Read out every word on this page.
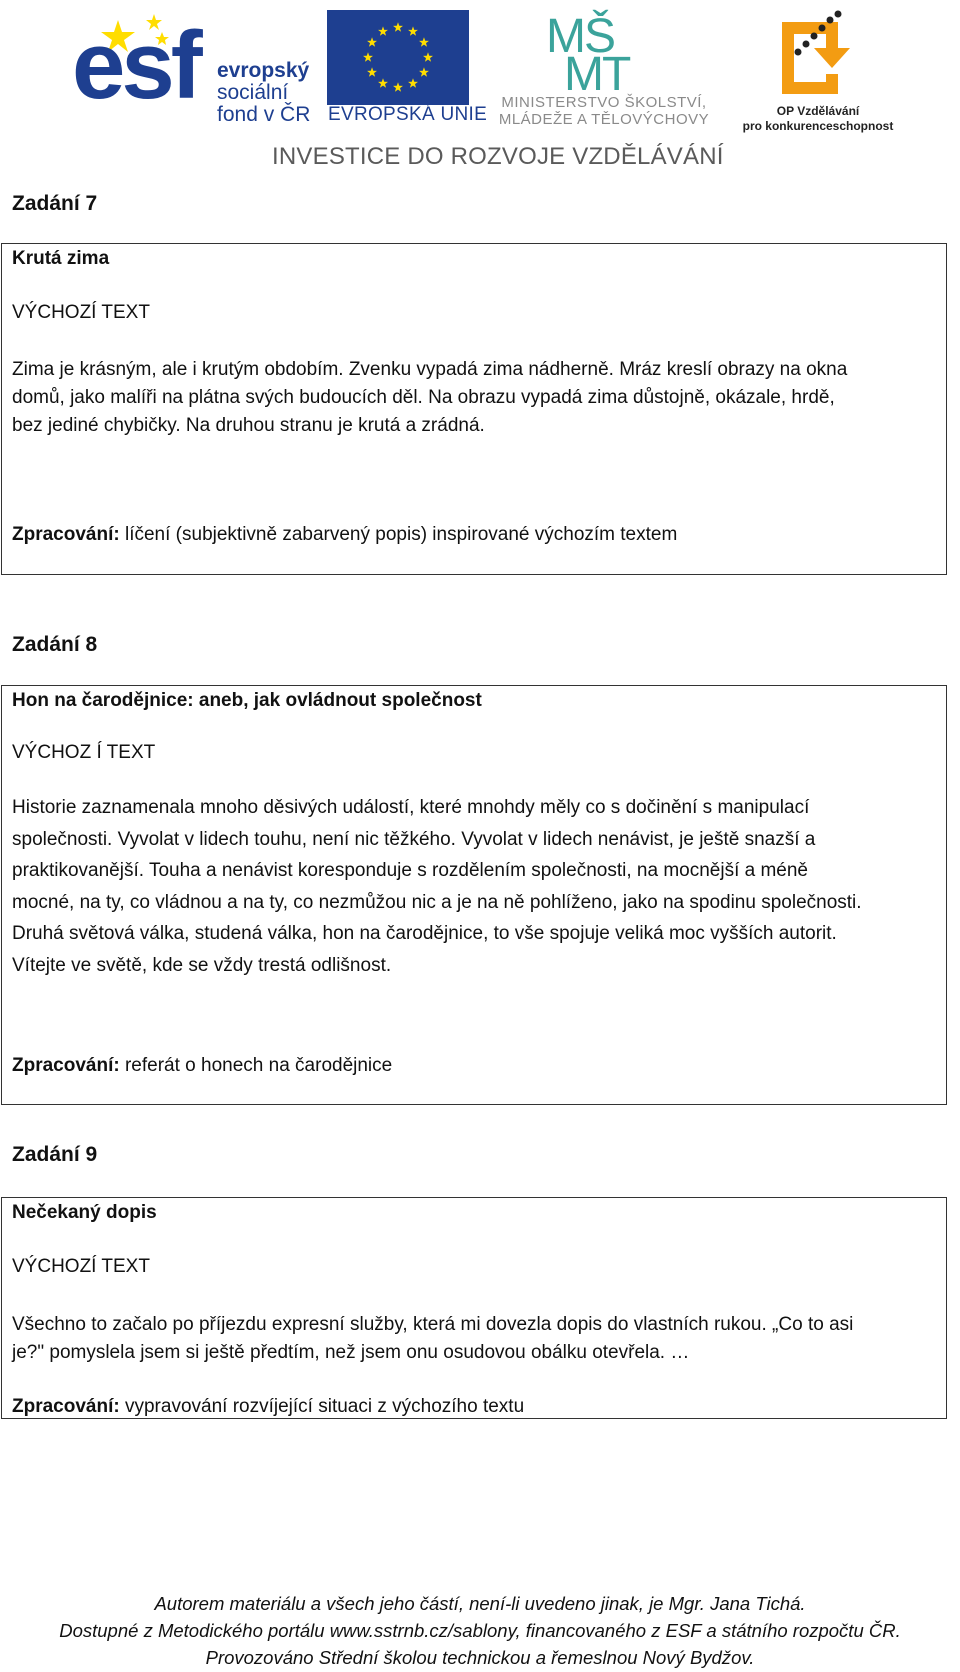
esf evropský
sociální
fond v ČR EVROPSKÁ UNIE
MŠ
MT
MINISTERSTVO ŠKOLSTVÍ,
MLÁDEŽE A TĚLOVÝCHOVY	OP Vzdělávání
pro konkurenceschopnost
INVESTICE DO ROZVOJE VZDĚLÁVÁNÍ
Zadání 7
Krutá zima
VÝCHOZÍ TEXT
Zima je krásným, ale i krutým obdobím. Zvenku vypadá zima nádherně. Mráz kreslí obrazy na okna
domů, jako malíři na plátna svých budoucích děl. Na obrazu vypadá zima důstojně, okázale, hrdě,
bez jediné chybičky. Na druhou stranu je krutá a zrádná.
Zpracování: líčení (subjektivně zabarvený popis) inspirované výchozím textem
Zadání 8
Hon na čarodějnice: aneb, jak ovládnout společnost
VÝCHOZ Í TEXT
Historie zaznamenala mnoho děsivých událostí, které mnohdy měly co s dočinění s manipulací
společnosti. Vyvolat v lidech touhu, není nic těžkého. Vyvolat v lidech nenávist, je ještě snazší a
praktikovanější. Touha a nenávist koresponduje s rozdělením společnosti, na mocnější a méně
mocné, na ty, co vládnou a na ty, co nezmůžou nic a je na ně pohlíženo, jako na spodinu společnosti.
Druhá světová válka, studená válka, hon na čarodějnice, to vše spojuje veliká moc vyšších autorit.
Vítejte ve světě, kde se vždy trestá odlišnost.
Zpracování: referát o honech na čarodějnice
Zadání 9
Nečekaný dopis
VÝCHOZÍ TEXT
Všechno to začalo po příjezdu expresní služby, která mi dovezla dopis do vlastních rukou. „Co to asi
je?" pomyslela jsem si ještě předtím, než jsem onu osudovou obálku otevřela. …
Zpracování: vypravování rozvíjející situaci z výchozího textu
Autorem materiálu a všech jeho částí, není-li uvedeno jinak, je Mgr. Jana Tichá.
Dostupné z Metodického portálu www.sstrnb.cz/sablony, financovaného z ESF a státního rozpočtu ČR.
Provozováno Střední školou technickou a řemeslnou Nový Bydžov.
